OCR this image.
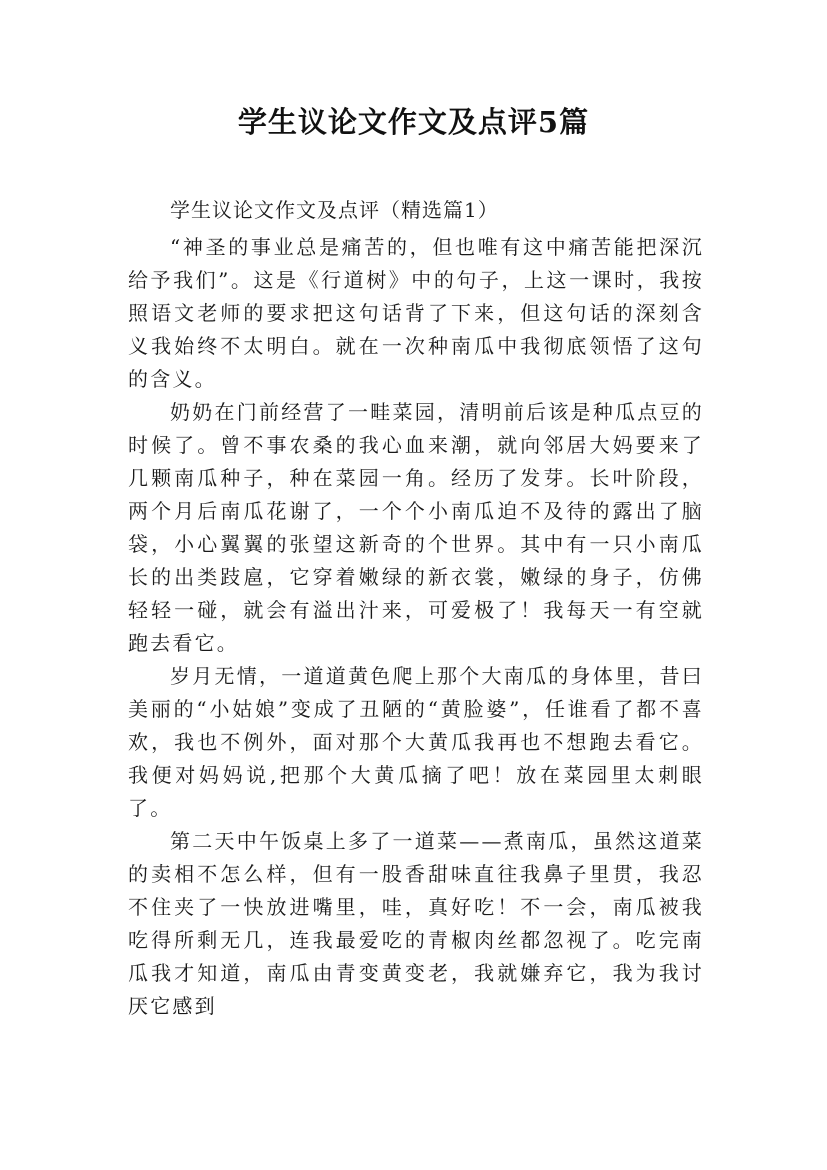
学生议论文作文及点评5篇
学生议论文作文及点评（精选篇1）

“神圣的事业总是痛苦的，但也唯有这中痛苦能把深沉给予我们”。这是《行道树》中的句子，上这一课时，我按照语文老师的要求把这句话背了下来，但这句话的深刻含义我始终不太明白。就在一次种南瓜中我彻底领悟了这句的含义。

奶奶在门前经营了一畦菜园，清明前后该是种瓜点豆的时候了。曾不事农桑的我心血来潮，就向邻居大妈要来了几颗南瓜种子，种在菜园一角。经历了发芽。长叶阶段，两个月后南瓜花谢了，一个个小南瓜迫不及待的露出了脑袋，小心翼翼的张望这新奇的个世界。其中有一只小南瓜长的出类跂扈，它穿着嫩绿的新衣裳，嫩绿的身子，仿佛轻轻一碰，就会有溢出汁来，可爱极了！我每天一有空就跑去看它。

岁月无情，一道道黄色爬上那个大南瓜的身体里，昔曰美丽的“小姑娘”变成了丑陋的“黄脸婆”，任谁看了都不喜欢，我也不例外，面对那个大黄瓜我再也不想跑去看它。我便对妈妈说,把那个大黄瓜摘了吧！放在菜园里太刺眼了。

第二天中午饭桌上多了一道菜——煮南瓜，虽然这道菜的卖相不怎么样，但有一股香甜味直往我鼻子里贯，我忍不住夹了一快放进嘴里，哇，真好吃！不一会，南瓜被我吃得所剩无几，连我最爱吃的青椒肉丝都忽视了。吃完南瓜我才知道，南瓜由青变黄变老，我就嫌弃它，我为我讨厌它感到
